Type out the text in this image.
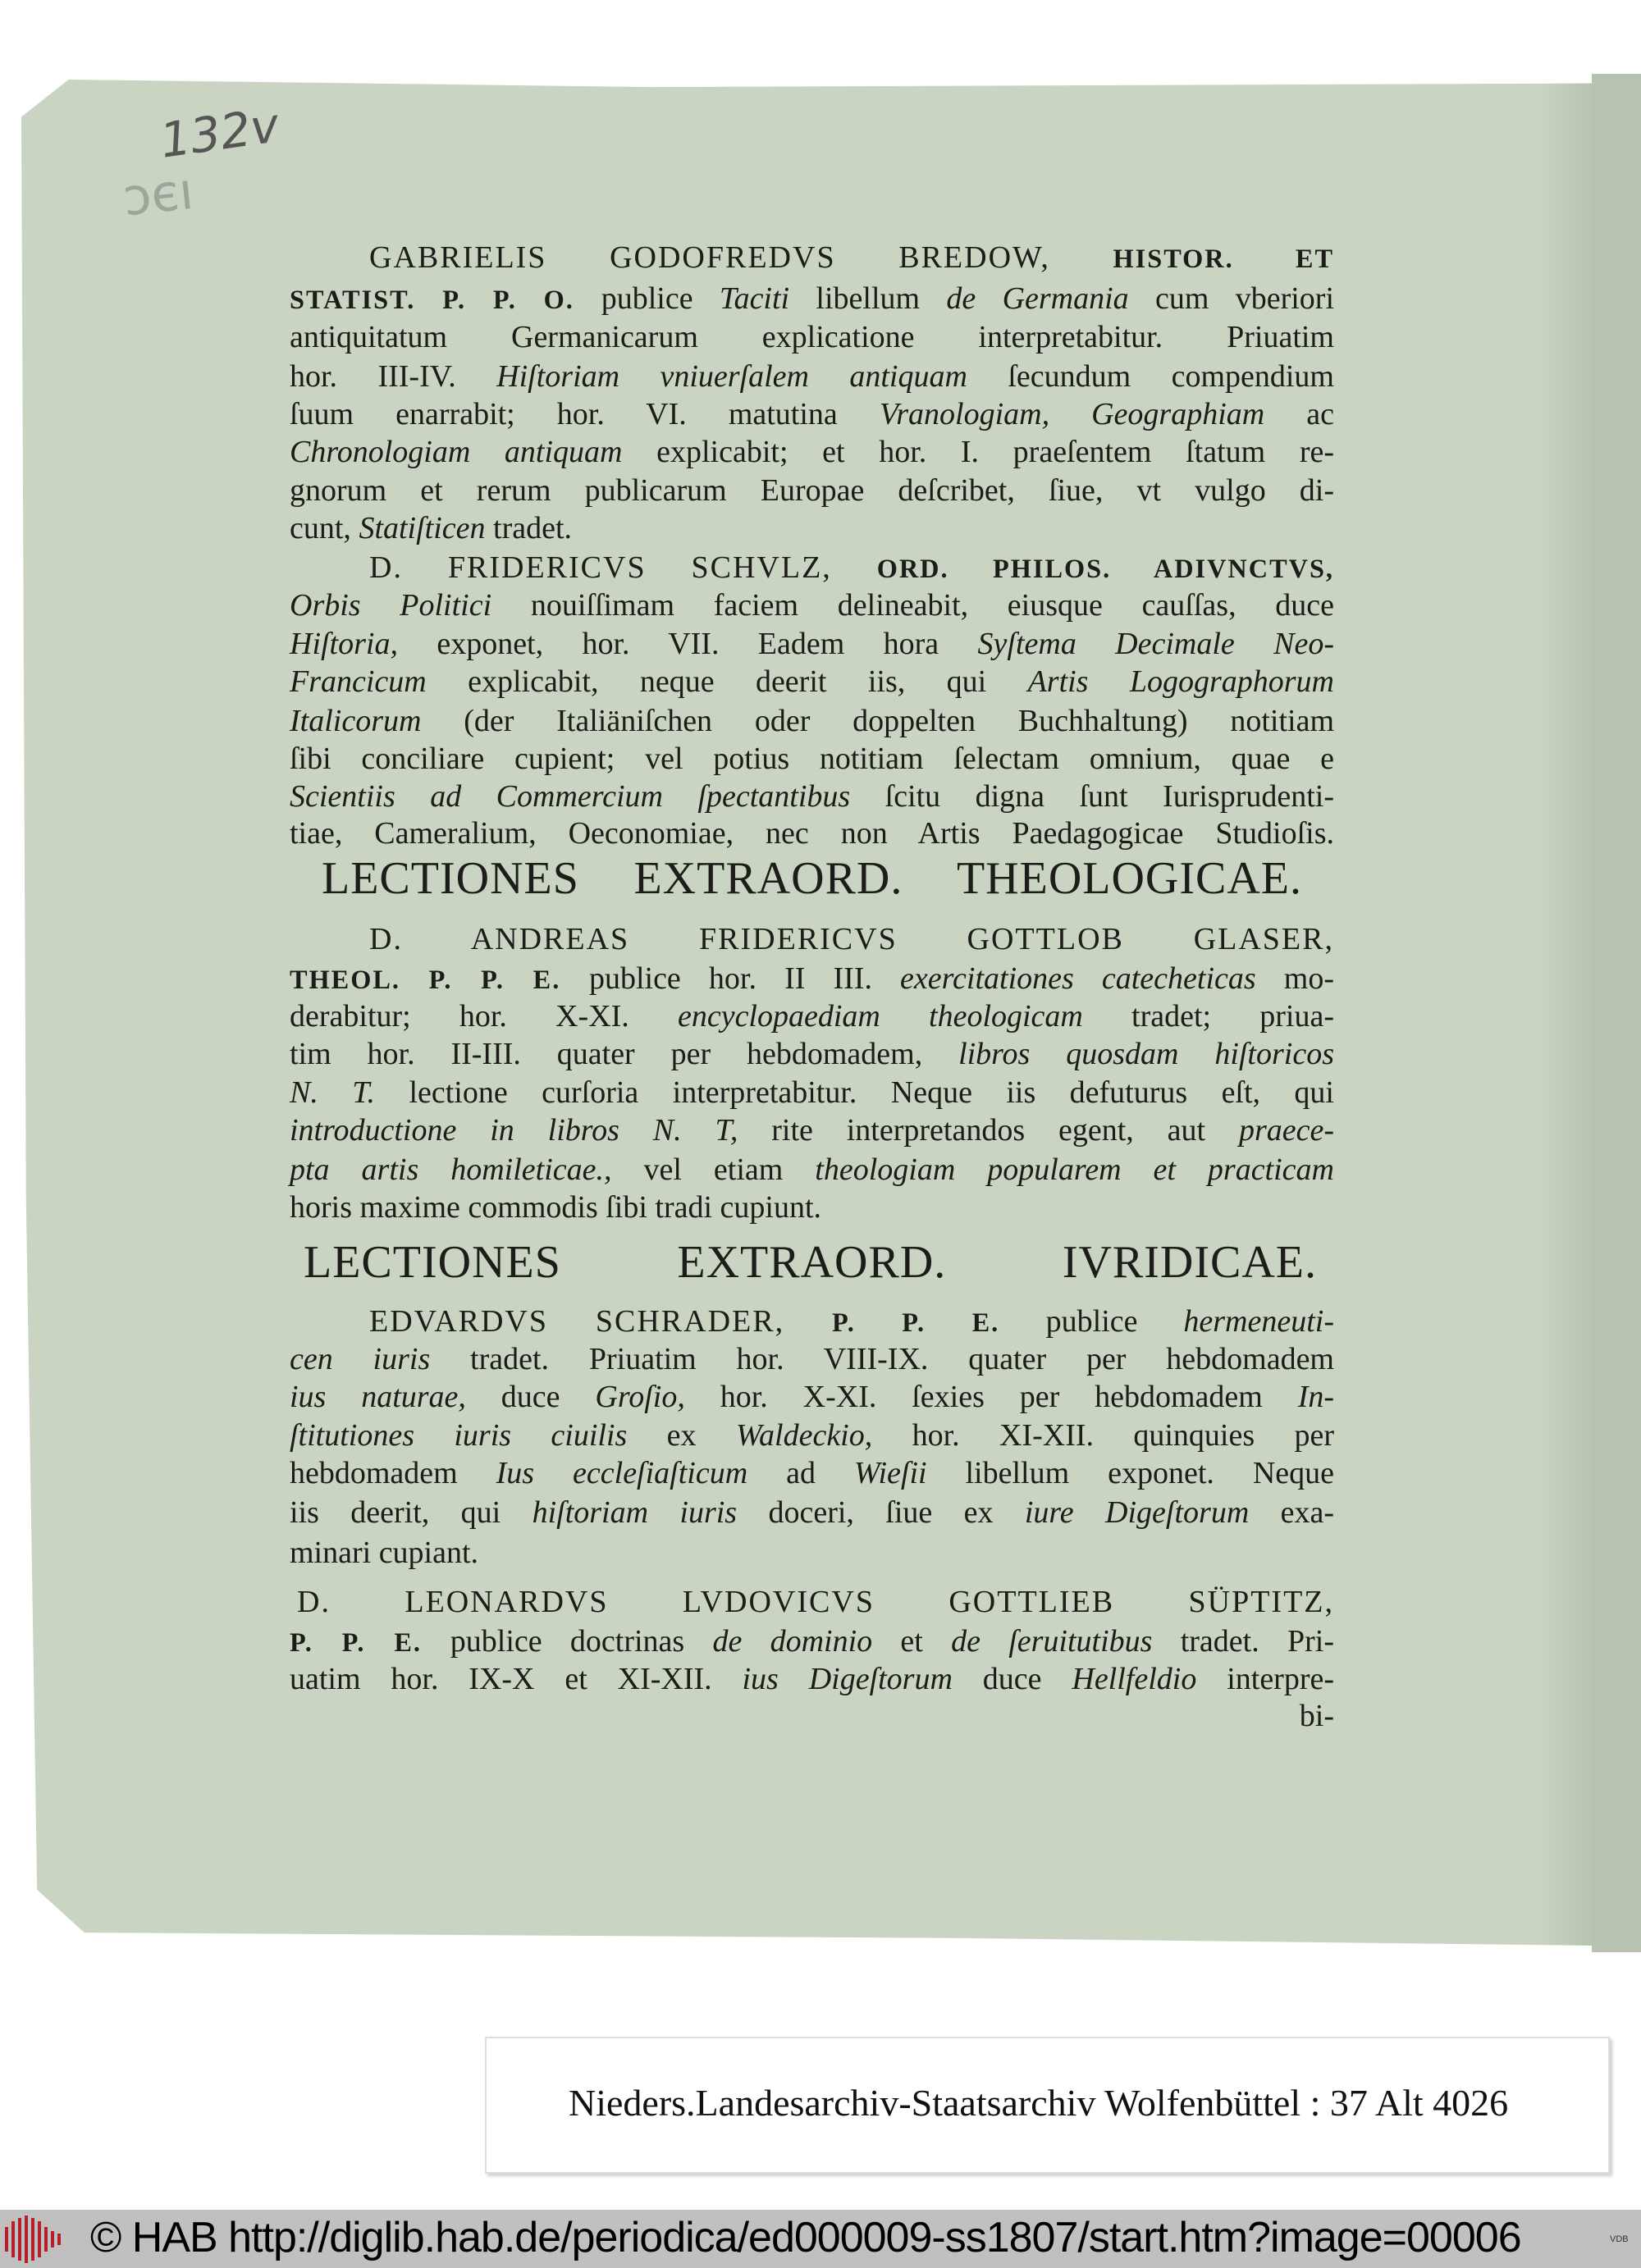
132v
ɔєı
GABRIELIS GODOFREDVS BREDOW, HISTOR. ET
STATIST. P. P. O. publice Taciti libellum de Germania cum vberiori
antiquitatum Germanicarum explicatione interpretabitur. Priuatim
hor. III-IV. Hiſtoriam vniuerſalem antiquam ſecundum compendium
ſuum enarrabit; hor. VI. matutina Vranologiam, Geographiam ac
Chronologiam antiquam explicabit; et hor. I. praeſentem ſtatum re-
gnorum et rerum publicarum Europae deſcribet, ſiue, vt vulgo di-
cunt, Statiſticen tradet.
D. FRIDERICVS SCHVLZ, ORD. PHILOS. ADIVNCTVS,
Orbis Politici nouiſſimam faciem delineabit, eiusque cauſſas, duce
Hiſtoria, exponet, hor. VII. Eadem hora Syſtema Decimale Neo-
Francicum explicabit, neque deerit iis, qui Artis Logographorum
Italicorum (der Italiäniſchen oder doppelten Buchhaltung) notitiam
ſibi conciliare cupient; vel potius notitiam ſelectam omnium, quae e
Scientiis ad Commercium ſpectantibus ſcitu digna ſunt Iurisprudenti-
tiae, Cameralium, Oeconomiae, nec non Artis Paedagogicae Studioſis.
LECTIONES EXTRAORD. THEOLOGICAE.
D. ANDREAS FRIDERICVS GOTTLOB GLASER,
THEOL. P. P. E. publice hor. II III. exercitationes catecheticas mo-
derabitur; hor. X-XI. encyclopaediam theologicam tradet; priua-
tim hor. II-III. quater per hebdomadem, libros quosdam hiſtoricos
N. T. lectione curſoria interpretabitur. Neque iis defuturus eſt, qui
introductione in libros N. T, rite interpretandos egent, aut praece-
pta artis homileticae., vel etiam theologiam popularem et practicam
horis maxime commodis ſibi tradi cupiunt.
LECTIONES EXTRAORD. IVRIDICAE.
EDVARDVS SCHRADER, P. P. E. publice hermeneuti-
cen iuris tradet. Priuatim hor. VIII-IX. quater per hebdomadem
ius naturae, duce Groſio, hor. X-XI. ſexies per hebdomadem In-
ſtitutiones iuris ciuilis ex Waldeckio, hor. XI-XII. quinquies per
hebdomadem Ius eccleſiaſticum ad Wieſii libellum exponet. Neque
iis deerit, qui hiſtoriam iuris doceri, ſiue ex iure Digeſtorum exa-
minari cupiant.
D. LEONARDVS LVDOVICVS GOTTLIEB SÜPTITZ,
P. P. E. publice doctrinas de dominio et de ſeruitutibus tradet. Pri-
uatim hor. IX-X et XI-XII. ius Digeſtorum duce Hellfeldio interpre-
bi-
Nieders.Landesarchiv-Staatsarchiv Wolfenbüttel : 37 Alt 4026
© HAB http://diglib.hab.de/periodica/ed000009-ss1807/start.htm?image=00006	VDB
